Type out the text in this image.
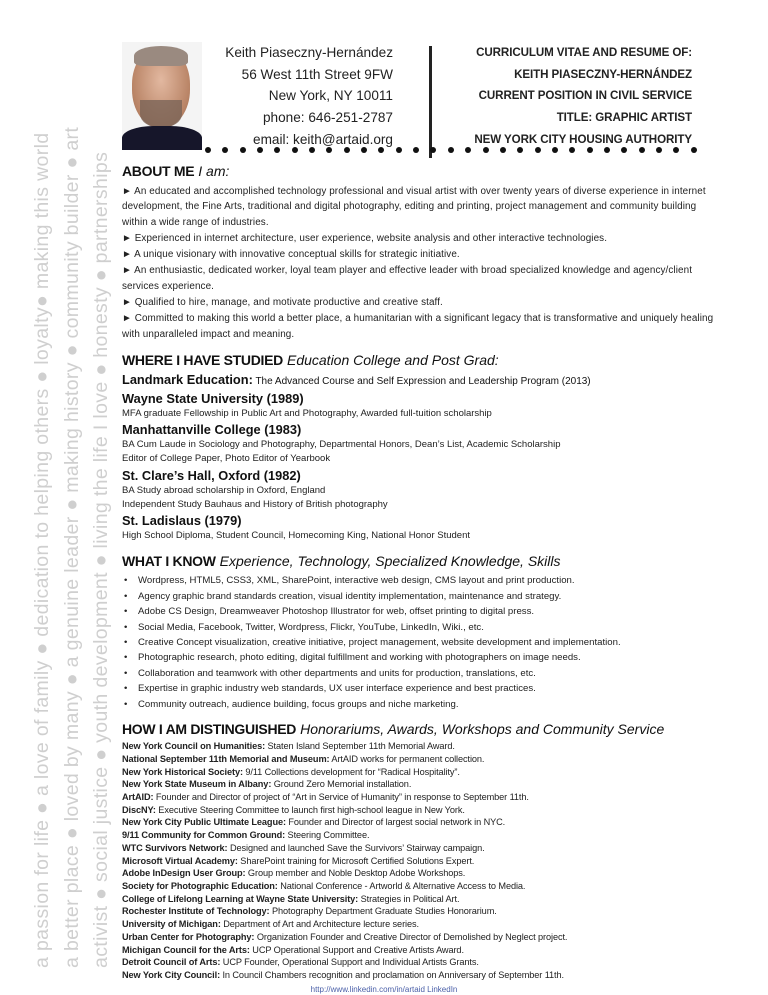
a passion for life ● a love of family ● dedication to helping others ● loyalty● making this world a better place ● loved by many ● a genuine leader ● making history ● community builder ● art activist ● social justice ● youth development ● living the life I love ● honesty ● partnerships
Keith Piaseczny-Hernández
56 West 11th Street 9FW
New York, NY 10011
phone: 646-251-2787
email: keith@artaid.org
CURRICULUM VITAE AND RESUME OF:
KEITH PIASECZNY-HERNÁNDEZ
CURRENT POSITION IN CIVIL SERVICE
TITLE: GRAPHIC ARTIST
NEW YORK CITY HOUSING AUTHORITY
ABOUT ME I am:

► An educated and accomplished technology professional and visual artist with over twenty years of diverse experience in internet development, the Fine Arts, traditional and digital photography, editing and printing, project management and community building within a wide range of industries.

► Experienced in internet architecture, user experience, website analysis and other interactive technologies.

► A unique visionary with innovative conceptual skills for strategic initiative.

► An enthusiastic, dedicated worker, loyal team player and effective leader with broad specialized knowledge and agency/client services experience.

► Qualified to hire, manage, and motivate productive and creative staff.

► Committed to making this world a better place, a humanitarian with a significant legacy that is transformative and uniquely healing with unparalleled impact and meaning.

WHERE I HAVE STUDIED Education College and Post Grad:
Landmark Education: The Advanced Course and Self Expression and Leadership Program (2013)
Wayne State University (1989)
MFA graduate Fellowship in Public Art and Photography, Awarded full-tuition scholarship
Manhattanville College (1983)
BA Cum Laude in Sociology and Photography, Departmental Honors, Dean’s List, Academic Scholarship
Editor of College Paper, Photo Editor of Yearbook
St. Clare’s Hall, Oxford (1982)
BA Study abroad scholarship in Oxford, England
Independent Study Bauhaus and History of British photography
St. Ladislaus (1979)
High School Diploma, Student Council, Homecoming King, National Honor Student
WHAT I KNOW Experience, Technology, Specialized Knowledge, Skills
• Wordpress, HTML5, CSS3, XML, SharePoint, interactive web design, CMS layout and print production.
• Agency graphic brand standards creation, visual identity implementation, maintenance and strategy.
• Adobe CS Design, Dreamweaver Photoshop Illustrator for web, offset printing to digital press.
• Social Media, Facebook, Twitter, Wordpress, Flickr, YouTube, LinkedIn, Wiki., etc.
• Creative Concept visualization, creative initiative, project management, website development and implementation.
• Photographic research, photo editing, digital fulfillment and working with photographers on image needs.
• Collaboration and teamwork with other departments and units for production, translations, etc.
• Expertise in graphic industry web standards, UX user interface experience and best practices.
• Community outreach, audience building, focus groups and niche marketing.
HOW I AM DISTINGUISHED Honorariums, Awards, Workshops and Community Service
New York Council on Humanities: Staten Island September 11th Memorial Award.
National September 11th Memorial and Museum: ArtAID works for permanent collection.
New York Historical Society: 9/11 Collections development for “Radical Hospitality”.
New York State Museum in Albany: Ground Zero Memorial installation.
ArtAID: Founder and Director of project of “Art in Service of Humanity” in response to September 11th.
DiscNY: Executive Steering Committee to launch first high-school league in New York.
New York City Public Ultimate League: Founder and Director of largest social network in NYC.
9/11 Community for Common Ground: Steering Committee.
WTC Survivors Network: Designed and launched Save the Survivors’ Stairway campaign.
Microsoft Virtual Academy: SharePoint training for Microsoft Certified Solutions Expert.
Adobe InDesign User Group: Group member and Noble Desktop Adobe Workshops.
Society for Photographic Education: National Conference - Artworld & Alternative Access to Media.
College of Lifelong Learning at Wayne State University: Strategies in Political Art.
Rochester Institute of Technology: Photography Department Graduate Studies Honorarium.
University of Michigan: Department of Art and Architecture lecture series.
Urban Center for Photography: Organization Founder and Creative Director of Demolished by Neglect project.
Michigan Council for the Arts: UCP Operational Support and Creative Artists Award.
Detroit Council of Arts: UCP Founder, Operational Support and Individual Artists Grants.
New York City Council: In Council Chambers recognition and proclamation on Anniversary of September 11th.
http://www.linkedin.com/in/artaid LinkedIn
